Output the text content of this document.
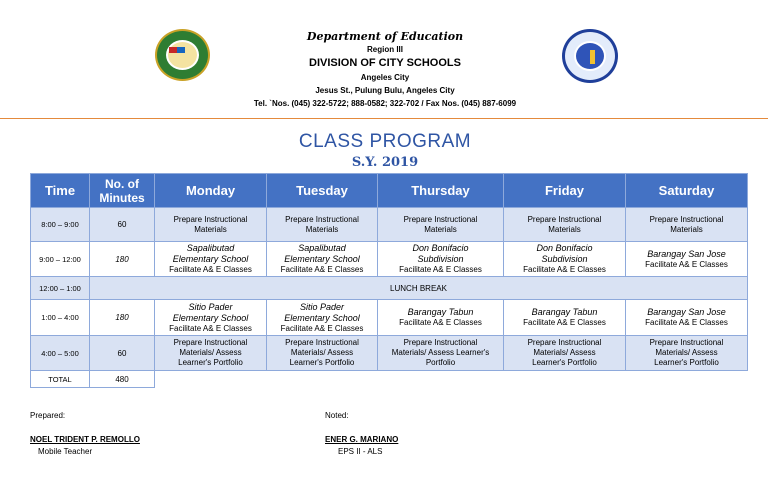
Department of Education
Region III
DIVISION OF CITY SCHOOLS
Angeles City
Jesus St., Pulung Bulu, Angeles City
Tel. `Nos. (045) 322-5722; 888-0582; 322-702 / Fax Nos. (045) 887-6099
CLASS PROGRAM
S.Y. 2019
Time	No. of Minutes	Monday	Tuesday	Thursday	Friday	Saturday
8:00 – 9:00	60	Prepare Instructional
Materials	Prepare Instructional
Materials	Prepare Instructional
Materials	Prepare Instructional
Materials	Prepare Instructional
Materials
9:00 – 12:00	180	Sapalibutad
Elementary School
Facilitate A& E Classes	Sapalibutad
Elementary School
Facilitate A& E Classes	Don Bonifacio
Subdivision
Facilitate A& E Classes	Don Bonifacio
Subdivision
Facilitate A& E Classes	Barangay San Jose
Facilitate A& E Classes
12:00 – 1:00	LUNCH BREAK					
1:00 – 4:00	180	Sitio Pader
Elementary School
Facilitate A& E Classes	Sitio Pader
Elementary School
Facilitate A& E Classes	Barangay Tabun
Facilitate A& E Classes	Barangay Tabun
Facilitate A& E Classes	Barangay San Jose
Facilitate A& E Classes
4:00 – 5:00	60	Prepare Instructional
Materials/ Assess
Learner's Portfolio	Prepare Instructional
Materials/ Assess
Learner's Portfolio	Prepare Instructional
Materials/ Assess Learner's
Portfolio	Prepare Instructional
Materials/ Assess
Learner's Portfolio	Prepare Instructional
Materials/ Assess
Learner's Portfolio
TOTAL	480					
Prepared:	Noted:
NOEL TRIDENT P. REMOLLO
Mobile Teacher
ENER G. MARIANO
EPS II - ALS
